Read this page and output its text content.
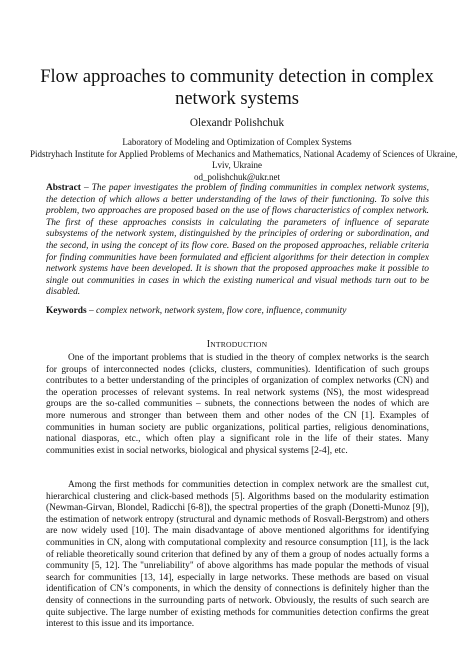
Flow approaches to community detection in complex network systems
Olexandr Polishchuk
Laboratory of Modeling and Optimization of Complex Systems
Pidstryhach Institute for Applied Problems of Mechanics and Mathematics, National Academy of Sciences of Ukraine,
Lviv, Ukraine
od_polishchuk@ukr.net

Abstract – The paper investigates the problem of finding communities in complex network systems, the detection of which allows a better understanding of the laws of their functioning. To solve this problem, two approaches are proposed based on the use of flows characteristics of complex network. The first of these approaches consists in calculating the parameters of influence of separate subsystems of the network system, distinguished by the principles of ordering or subordination, and the second, in using the concept of its flow core. Based on the proposed approaches, reliable criteria for finding communities have been formulated and efficient algorithms for their detection in complex network systems have been developed. It is shown that the proposed approaches make it possible to single out communities in cases in which the existing numerical and visual methods turn out to be disabled.

Keywords – complex network, network system, flow core, influence, community

INTRODUCTION

One of the important problems that is studied in the theory of complex networks is the search for groups of interconnected nodes (clicks, clusters, communities). Identification of such groups contributes to a better understanding of the principles of organization of complex networks (CN) and the operation processes of relevant systems. In real network systems (NS), the most widespread groups are the so-called communities – subnets, the connections between the nodes of which are more numerous and stronger than between them and other nodes of the CN [1]. Examples of communities in human society are public organizations, political parties, religious denominations, national diasporas, etc., which often play a significant role in the life of their states. Many communities exist in social networks, biological and physical systems [2-4], etc.

Among the first methods for communities detection in complex network are the smallest cut, hierarchical clustering and click-based methods [5]. Algorithms based on the modularity estimation (Newman-Girvan, Blondel, Radicchi [6-8]), the spectral properties of the graph (Donetti-Munoz [9]), the estimation of network entropy (structural and dynamic methods of Rosvall-Bergstrom) and others are now widely used [10]. The main disadvantage of above mentioned algorithms for identifying communities in CN, along with computational complexity and resource consumption [11], is the lack of reliable theoretically sound criterion that defined by any of them a group of nodes actually forms a community [5, 12]. The "unreliability" of above algorithms has made popular the methods of visual search for communities [13, 14], especially in large networks. These methods are based on visual identification of CN’s components, in which the density of connections is definitely higher than the density of connections in the surrounding parts of network. Obviously, the results of such search are quite subjective. The large number of existing methods for communities detection confirms the great interest to this issue and its importance.
